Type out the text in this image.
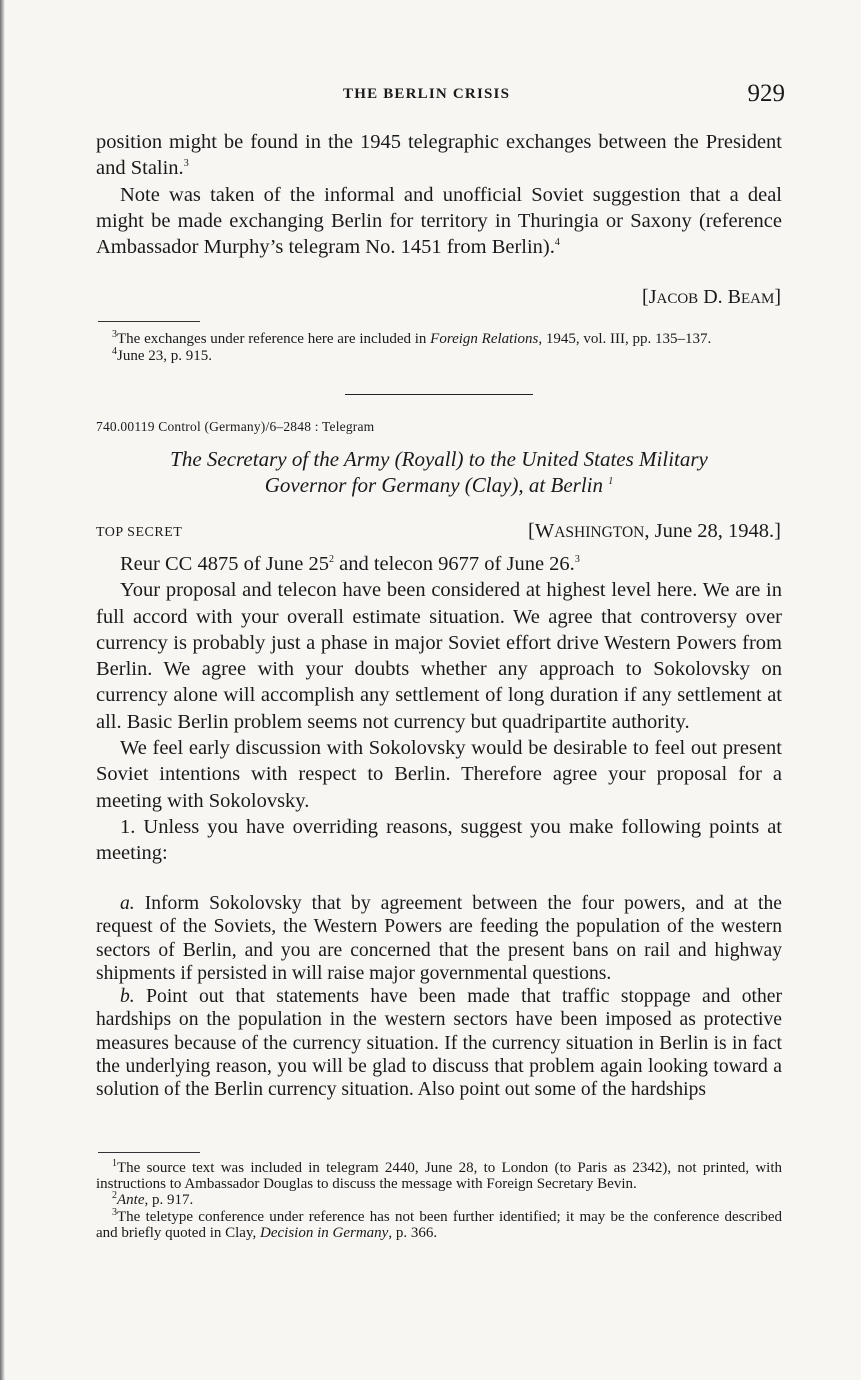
THE BERLIN CRISIS	929

position might be found in the 1945 telegraphic exchanges between the President and Stalin.$^3$

Note was taken of the informal and unofficial Soviet suggestion that a deal might be made exchanging Berlin for territory in Thuringia or Saxony (reference Ambassador Murphy’s telegram No. 1451 from Berlin).$^4$

[JACOB D. BEAM]

$^3$The exchanges under reference here are included in Foreign Relations, 1945, vol. III, pp. 135–137.

$^4$June 23, p. 915.

740.00119 Control (Germany)/6–2848 : Telegram
The Secretary of the Army (Royall) to the United States Military
Governor for Germany (Clay), at Berlin $^1$
TOP SECRET	[WASHINGTON, June 28, 1948.]

Reur CC 4875 of June $25^2$ and telecon 9677 of June 26.$^3$

Your proposal and telecon have been considered at highest level here. We are in full accord with your overall estimate situation. We agree that controversy over currency is probably just a phase in major Soviet effort drive Western Powers from Berlin. We agree with your doubts whether any approach to Sokolovsky on currency alone will accomplish any settlement of long duration if any settlement at all. Basic Berlin problem seems not currency but quadripartite authority.

We feel early discussion with Sokolovsky would be desirable to feel out present Soviet intentions with respect to Berlin. Therefore agree your proposal for a meeting with Sokolovsky.

1. Unless you have overriding reasons, suggest you make following points at meeting:

a. Inform Sokolovsky that by agreement between the four powers, and at the request of the Soviets, the Western Powers are feeding the population of the western sectors of Berlin, and you are concerned that the present bans on rail and highway shipments if persisted in will raise major governmental questions.

b. Point out that statements have been made that traffic stoppage and other hardships on the population in the western sectors have been imposed as protective measures because of the currency situation. If the currency situation in Berlin is in fact the underlying reason, you will be glad to discuss that problem again looking toward a solution of the Berlin currency situation. Also point out some of the hardships

$^1$The source text was included in telegram 2440, June 28, to London (to Paris as 2342), not printed, with instructions to Ambassador Douglas to discuss the message with Foreign Secretary Bevin.

$^2$Ante, p. 917.

$^3$The teletype conference under reference has not been further identified; it may be the conference described and briefly quoted in Clay, Decision in Germany, p. 366.
